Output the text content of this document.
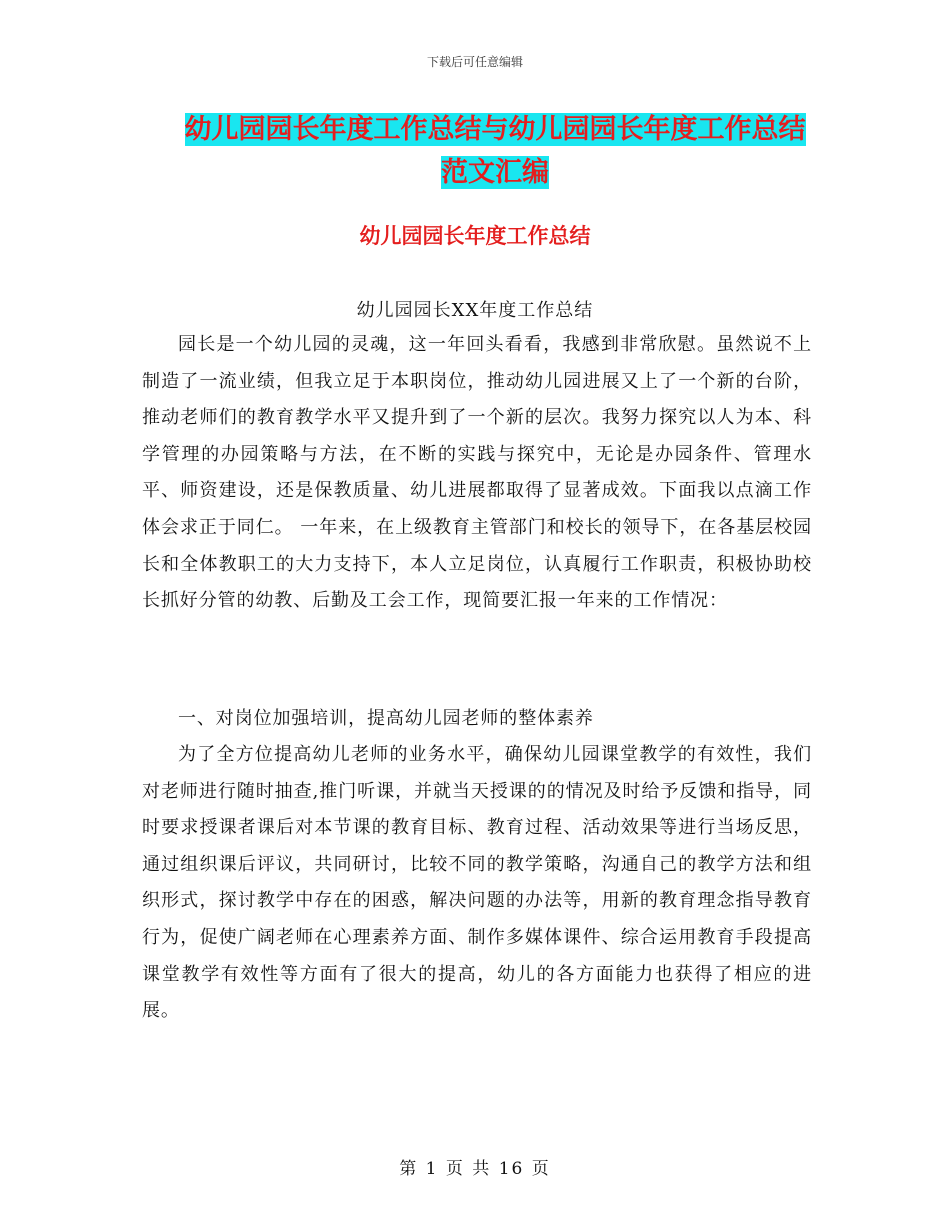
下载后可任意编辑
幼儿园园长年度工作总结与幼儿园园长年度工作总结
范文汇编
幼儿园园长年度工作总结
幼儿园园长XX年度工作总结

园长是一个幼儿园的灵魂，这一年回头看看，我感到非常欣慰。虽然说不上制造了一流业绩，但我立足于本职岗位，推动幼儿园进展又上了一个新的台阶，推动老师们的教育教学水平又提升到了一个新的层次。我努力探究以人为本、科学管理的办园策略与方法，在不断的实践与探究中，无论是办园条件、管理水平、师资建设，还是保教质量、幼儿进展都取得了显著成效。下面我以点滴工作体会求正于同仁。 一年来，在上级教育主管部门和校长的领导下，在各基层校园长和全体教职工的大力支持下，本人立足岗位，认真履行工作职责，积极协助校长抓好分管的幼教、后勤及工会工作，现简要汇报一年来的工作情况：

一、对岗位加强培训，提高幼儿园老师的整体素养

为了全方位提高幼儿老师的业务水平，确保幼儿园课堂教学的有效性，我们对老师进行随时抽查,推门听课，并就当天授课的的情况及时给予反馈和指导，同时要求授课者课后对本节课的教育目标、教育过程、活动效果等进行当场反思，通过组织课后评议，共同研讨，比较不同的教学策略，沟通自己的教学方法和组织形式，探讨教学中存在的困惑，解决问题的办法等，用新的教育理念指导教育行为，促使广阔老师在心理素养方面、制作多媒体课件、综合运用教育手段提高课堂教学有效性等方面有了很大的提高，幼儿的各方面能力也获得了相应的进展。

第 1 页 共 16 页
